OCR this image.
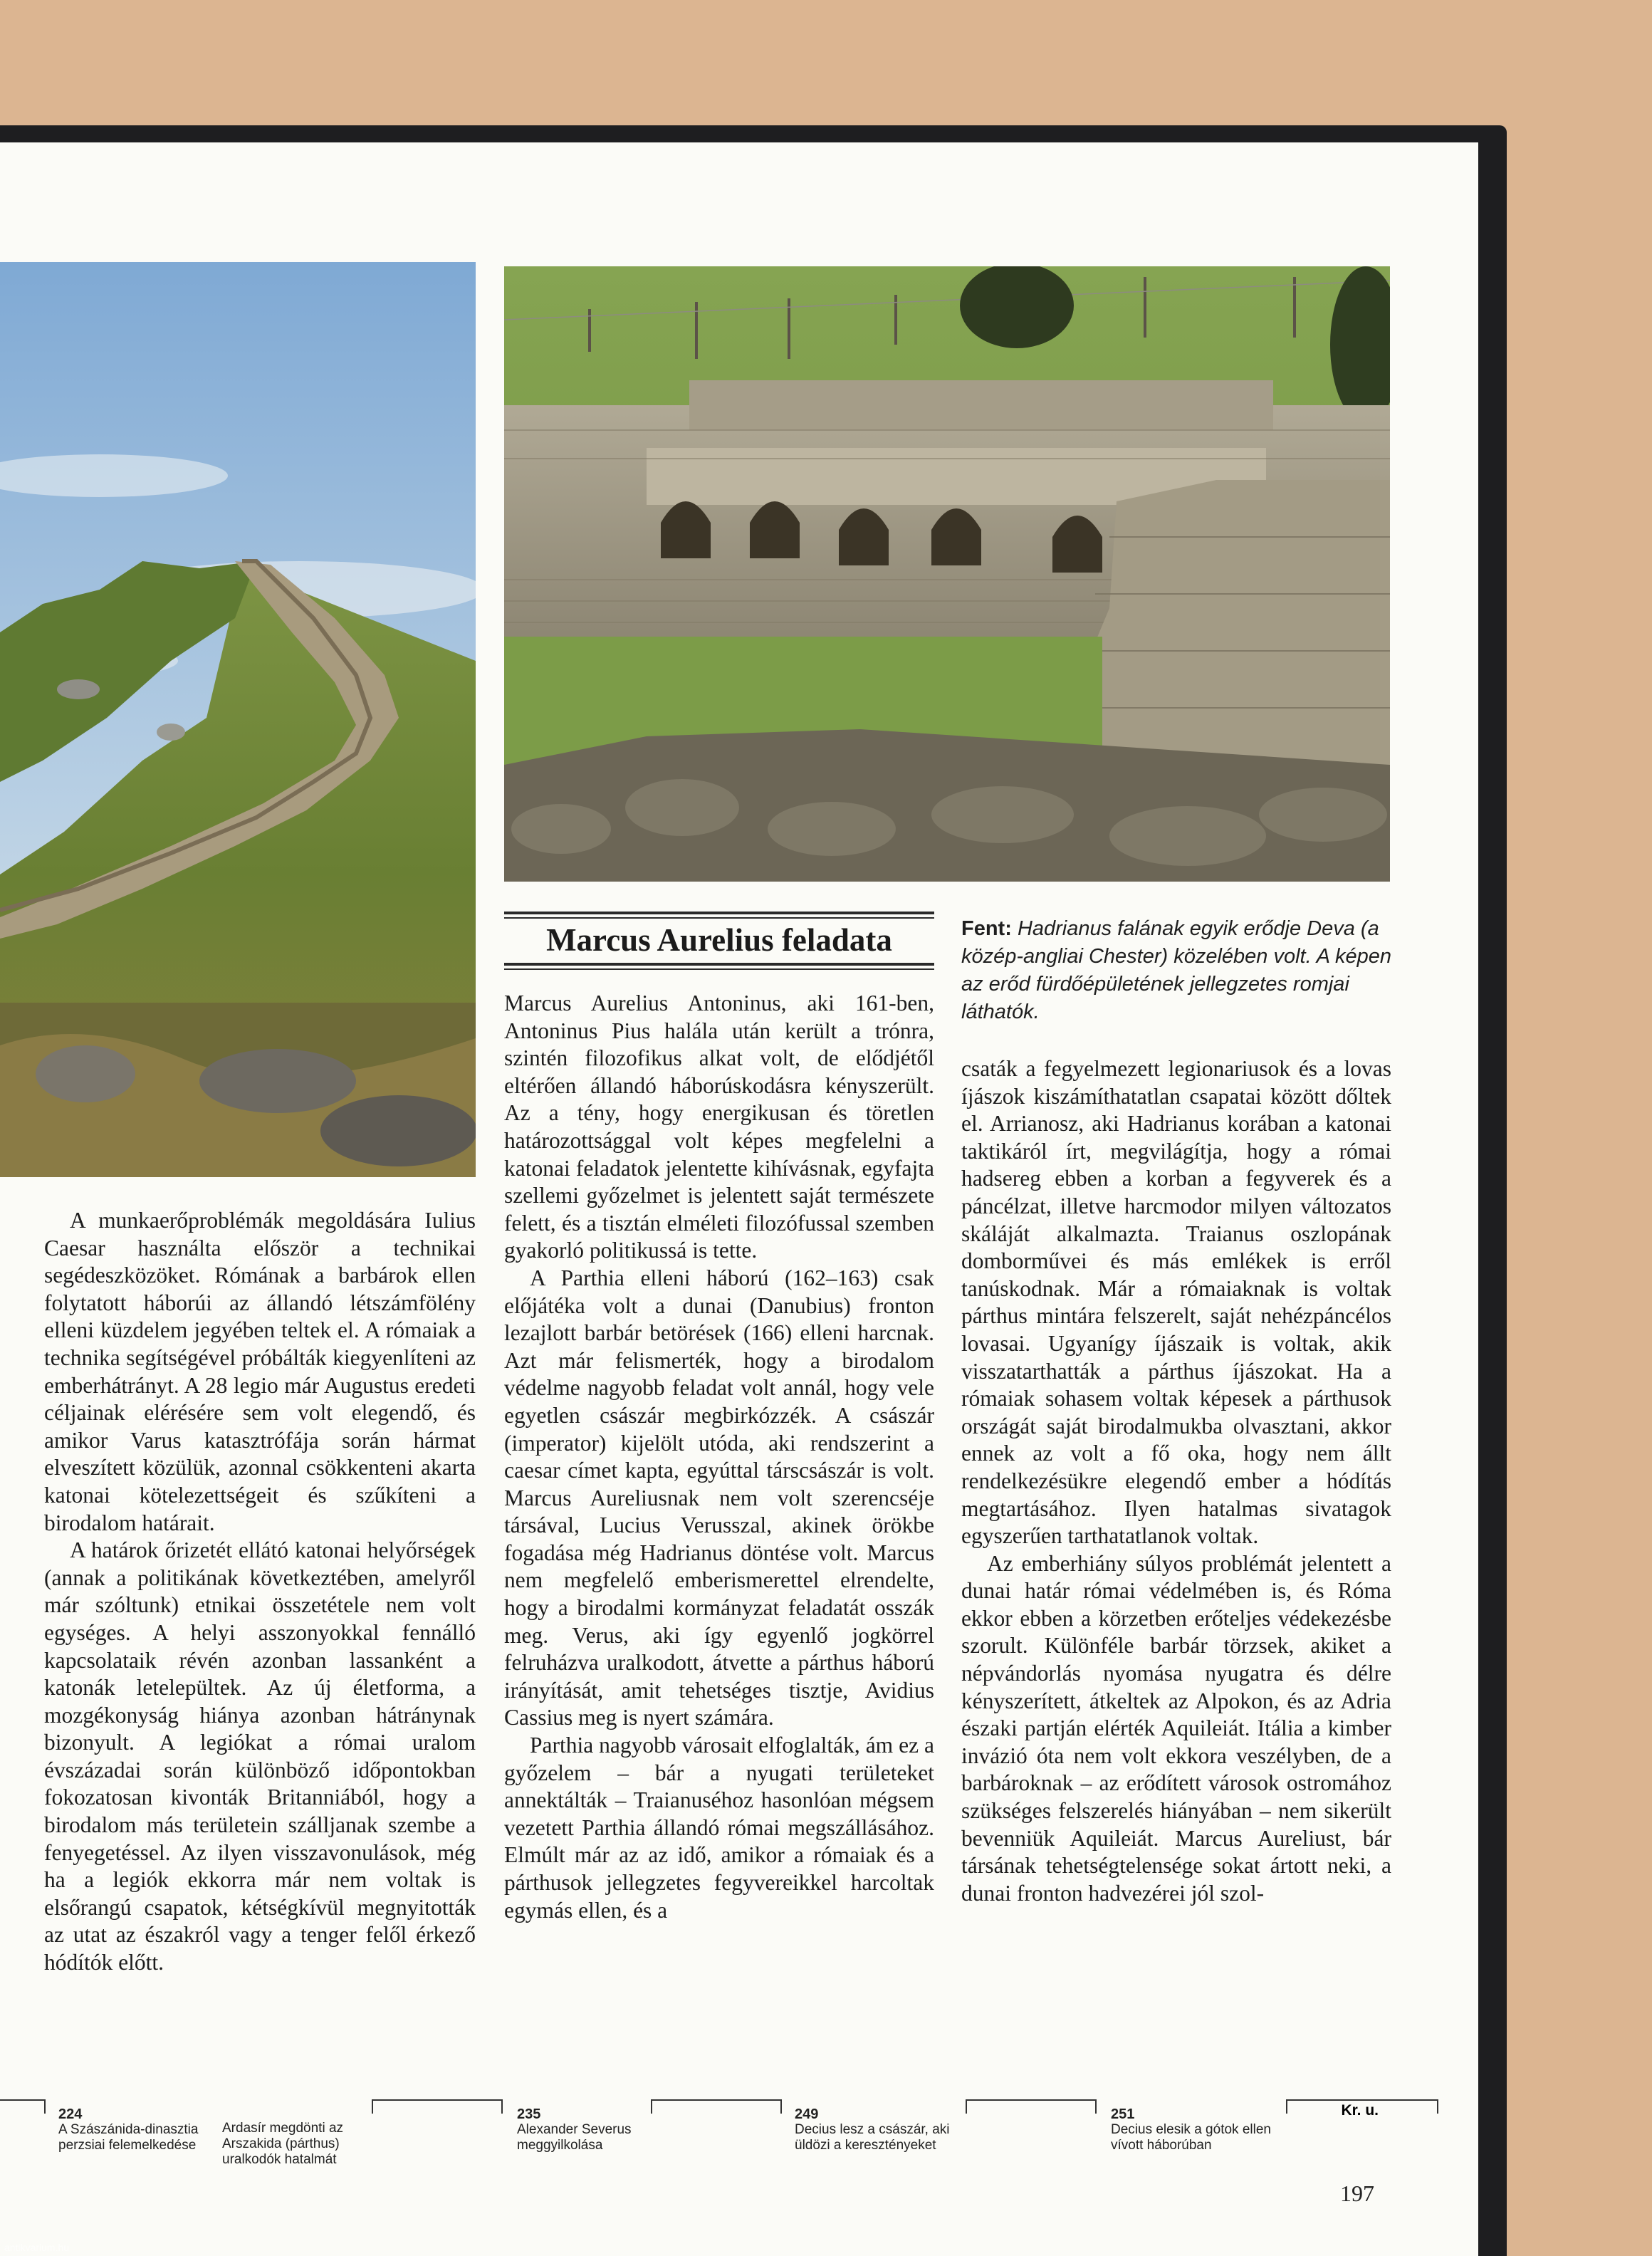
Marcus Aurelius feladata	Fent: Hadrianus falának egyik erődje Deva (a közép-angliai Chester) közelében volt. A képen az erőd fürdőépületének jellegzetes romjai láthatók.

A munkaerőproblémák megoldására Iulius Caesar használta először a technikai segédeszközöket. Rómának a barbárok ellen folytatott háborúi az állandó létszámfölény elleni küzdelem jegyében teltek el. A rómaiak a technika segítségével próbálták kiegyenlíteni az emberhátrányt. A 28 legio már Augustus eredeti céljainak elérésére sem volt elegendő, és amikor Varus katasztrófája során hármat elveszített közülük, azonnal csökkenteni akarta katonai kötelezettségeit és szűkíteni a birodalom határait.

A határok őrizetét ellátó katonai helyőrségek (annak a politikának következtében, amelyről már szóltunk) etnikai összetétele nem volt egységes. A helyi asszonyokkal fennálló kapcsolataik révén azonban lassanként a katonák letelepültek. Az új életforma, a mozgékonyság hiánya azonban hátránynak bizonyult. A legiókat a római uralom évszázadai során különböző időpontokban fokozatosan kivonták Britanniából, hogy a birodalom más területein szálljanak szembe a fenyegetéssel. Az ilyen visszavonulások, még ha a legiók ekkorra már nem voltak is elsőrangú csapatok, kétségkívül megnyitották az utat az északról vagy a tenger felől érkező hódítók előtt.

Marcus Aurelius Antoninus, aki 161-ben, Antoninus Pius halála után került a trónra, szintén filozofikus alkat volt, de elődjétől eltérően állandó háborúskodásra kényszerült. Az a tény, hogy energikusan és töretlen határozottsággal volt képes megfelelni a katonai feladatok jelentette kihívásnak, egyfajta szellemi győzelmet is jelentett saját természete felett, és a tisztán elméleti filozófussal szemben gyakorló politikussá is tette.

A Parthia elleni háború (162–163) csak előjátéka volt a dunai (Danubius) fronton lezajlott barbár betörések (166) elleni harcnak. Azt már felismerték, hogy a birodalom védelme nagyobb feladat volt annál, hogy vele egyetlen császár megbirkózzék. A császár (imperator) kijelölt utóda, aki rendszerint a caesar címet kapta, egyúttal társcsászár is volt. Marcus Aureliusnak nem volt szerencséje társával, Lucius Verusszal, akinek örökbe fogadása még Hadrianus döntése volt. Marcus nem megfelelő emberismerettel elrendelte, hogy a birodalmi kormányzat feladatát osszák meg. Verus, aki így egyenlő jogkörrel felruházva uralkodott, átvette a párthus háború irányítását, amit tehetséges tisztje, Avidius Cassius meg is nyert számára.

Parthia nagyobb városait elfoglalták, ám ez a győzelem – bár a nyugati területeket annektálták – Traianuséhoz hasonlóan mégsem vezetett Parthia állandó római megszállásához. Elmúlt már az az idő, amikor a rómaiak és a párthusok jellegzetes fegyvereikkel harcoltak egymás ellen, és a

csaták a fegyelmezett legionariusok és a lovas íjászok kiszámíthatatlan csapatai között dőltek el. Arrianosz, aki Hadrianus korában a katonai taktikáról írt, megvilágítja, hogy a római hadsereg ebben a korban a fegyverek és a páncélzat, illetve harcmodor milyen változatos skáláját alkalmazta. Traianus oszlopának domborművei és más emlékek is erről tanúskodnak. Már a rómaiaknak is voltak párthus mintára felszerelt, saját nehézpáncélos lovasai. Ugyanígy íjászaik is voltak, akik visszatarthatták a párthus íjászokat. Ha a rómaiak sohasem voltak képesek a párthusok országát saját birodalmukba olvasztani, akkor ennek az volt a fő oka, hogy nem állt rendelkezésükre elegendő ember a hódítás megtartásához. Ilyen hatalmas sivatagok egyszerűen tarthatatlanok voltak.

Az emberhiány súlyos problémát jelentett a dunai határ római védelmében is, és Róma ekkor ebben a körzetben erőteljes védekezésbe szorult. Különféle barbár törzsek, akiket a népvándorlás nyomása nyugatra és délre kényszerített, átkeltek az Alpokon, és az Adria északi partján elérték Aquileiát. Itália a kimber invázió óta nem volt ekkora veszélyben, de a barbároknak – az erődített városok ostromához szükséges felszerelés hiányában – nem sikerült bevenniük Aquileiát. Marcus Aureliust, bár társának tehetségtelensége sokat ártott neki, a dunai fronton hadvezérei jól szol-

224
A Szászánida-dinasztia perzsiai felemelkedése
Ardasír megdönti az Arszakida (párthus) uralkodók hatalmát
235
Alexander Severus meggyilkolása
249
Decius lesz a császár, aki üldözi a keresztényeket
251
Decius elesik a gótok ellen vívott háborúban
Kr. u.
197
antikvarium.hu
